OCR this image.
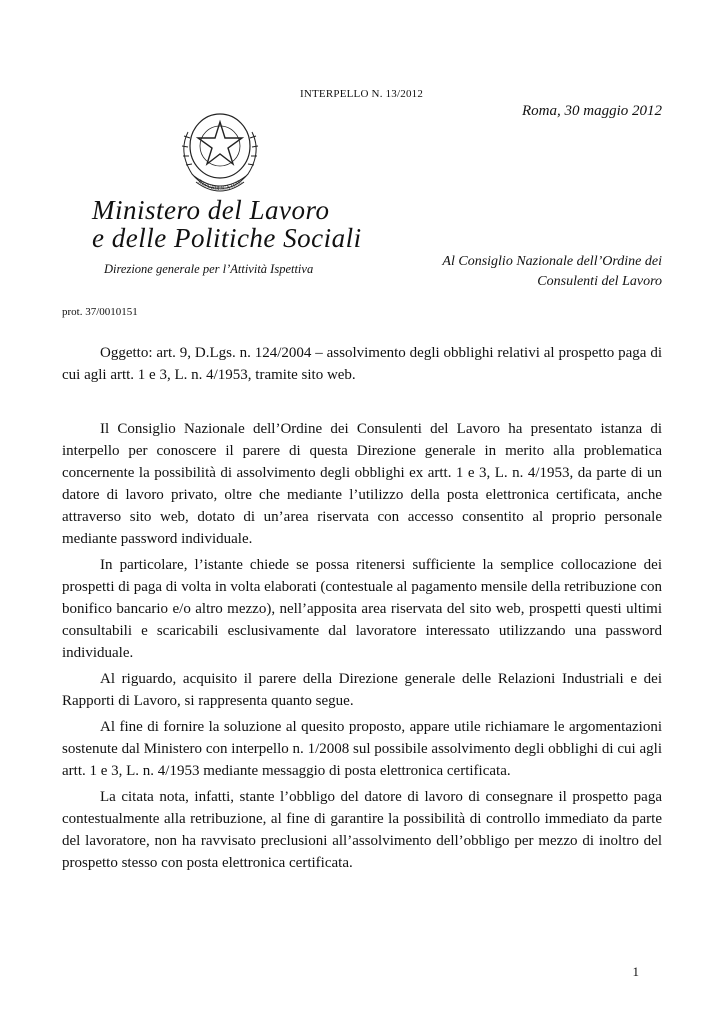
INTERPELLO N. 13/2012
Roma, 30 maggio 2012
REPUBBLICA ITAL
Ministero del Lavoro
e delle Politiche Sociali
Direzione generale per l’Attività Ispettiva	Al Consiglio Nazionale dell’Ordine dei
Consulenti del Lavoro
prot. 37/0010151

Oggetto: art. 9, D.Lgs. n. 124/2004 – assolvimento degli obblighi relativi al prospetto paga di cui agli artt. 1 e 3, L. n. 4/1953, tramite sito web.

Il Consiglio Nazionale dell’Ordine dei Consulenti del Lavoro ha presentato istanza di interpello per conoscere il parere di questa Direzione generale in merito alla problematica concernente la possibilità di assolvimento degli obblighi ex artt. 1 e 3, L. n. 4/1953, da parte di un datore di lavoro privato, oltre che mediante l’utilizzo della posta elettronica certificata, anche attraverso sito web, dotato di un’area riservata con accesso consentito al proprio personale mediante password individuale.

In particolare, l’istante chiede se possa ritenersi sufficiente la semplice collocazione dei prospetti di paga di volta in volta elaborati (contestuale al pagamento mensile della retribuzione con bonifico bancario e/o altro mezzo), nell’apposita area riservata del sito web, prospetti questi ultimi consultabili e scaricabili esclusivamente dal lavoratore interessato utilizzando una password individuale.

Al riguardo, acquisito il parere della Direzione generale delle Relazioni Industriali e dei Rapporti di Lavoro, si rappresenta quanto segue.

Al fine di fornire la soluzione al quesito proposto, appare utile richiamare le argomentazioni sostenute dal Ministero con interpello n. 1/2008 sul possibile assolvimento degli obblighi di cui agli artt. 1 e 3, L. n. 4/1953 mediante messaggio di posta elettronica certificata.

La citata nota, infatti, stante l’obbligo del datore di lavoro di consegnare il prospetto paga contestualmente alla retribuzione, al fine di garantire la possibilità di controllo immediato da parte del lavoratore, non ha ravvisato preclusioni all’assolvimento dell’obbligo per mezzo di inoltro del prospetto stesso con posta elettronica certificata.

1
